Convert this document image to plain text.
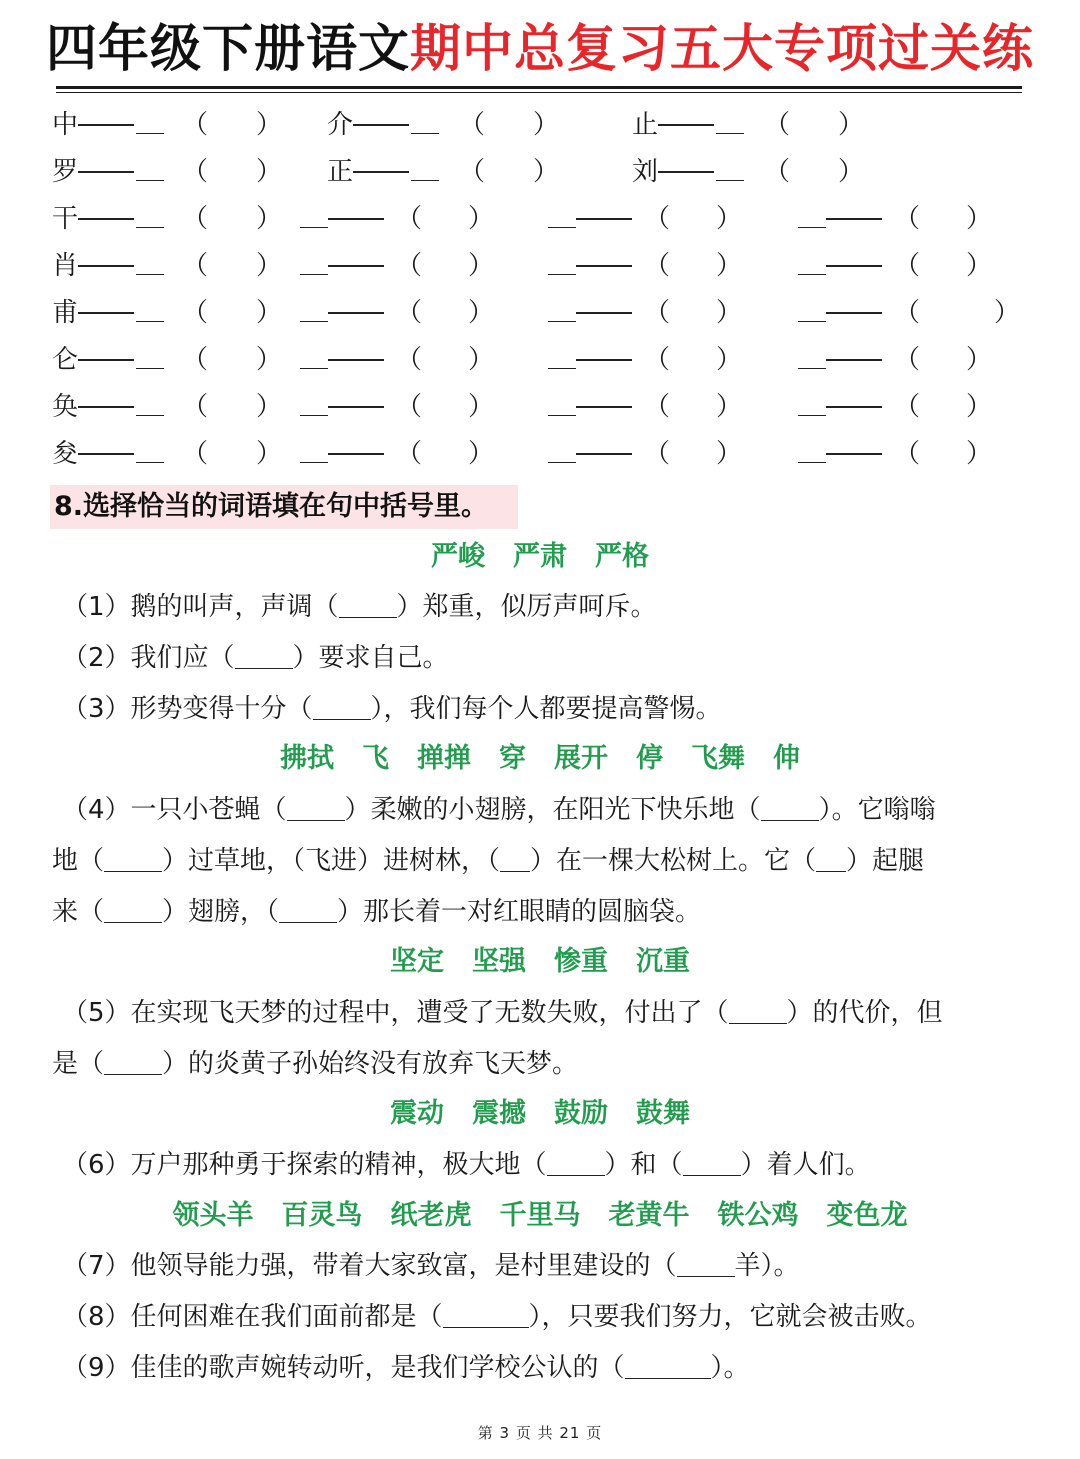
四年级下册语文期中总复习五大专项过关练
中	（ ） 介	（ ）	止	（ ）
罗	（ ） 正	（ ）	刘	（ ）
干	（ ）	（ ）	（ ）	（ ）
肖	（ ）	（ ）	（ ）	（ ）
甫	（ ）	（ ）	（ ）	（	）
仑	（ ）	（ ）	（ ）	（ ）
奂	（ ）	（ ）	（ ）	（ ）
夋	（ ）	（ ）	（ ）	（ ）
8.选择恰当的词语填在句中括号里。
严峻 严肃 严格
（1）鹅的叫声，声调（ ）郑重，似厉声呵斥。
（2）我们应（ ）要求自己。
（3）形势变得十分（ ），我们每个人都要提高警惕。
拂拭 飞 掸掸 穿 展开 停 飞舞 伸
（4）一只小苍蝇（ ）柔嫩的小翅膀，在阳光下快乐地（ ）。它嗡嗡
地（ ）过草地，（飞进）进树林，（ ）在一棵大松树上。它（ ）起腿
来（ ）翅膀，（ ）那长着一对红眼睛的圆脑袋。
坚定 坚强 惨重 沉重
（5）在实现飞天梦的过程中，遭受了无数失败，付出了（ ）的代价，但
是（ ）的炎黄子孙始终没有放弃飞天梦。
震动 震撼 鼓励 鼓舞
（6）万户那种勇于探索的精神，极大地（ ）和（ ）着人们。
领头羊 百灵鸟 纸老虎 千里马 老黄牛 铁公鸡 变色龙
（7）他领导能力强，带着大家致富，是村里建设的（ 羊）。
（8）任何困难在我们面前都是（	），只要我们努力，它就会被击败。
（9）佳佳的歌声婉转动听，是我们学校公认的（	）。
第 3 页 共 21 页
